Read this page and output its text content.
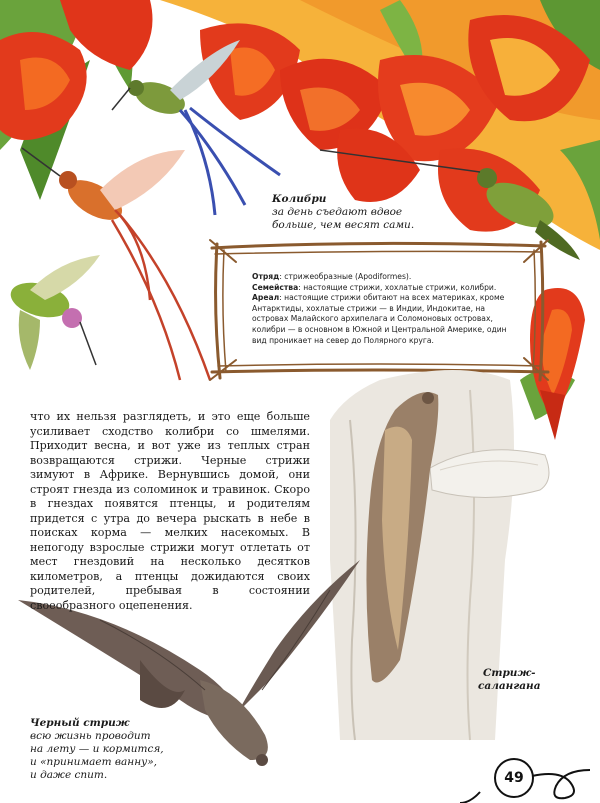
Колибри
за день съедают вдвое
больше, чем весят сами.

Отряд: стрижеобразные (Apodiformes).

Семейства: настоящие стрижи, хохлатые стрижи, колибри.

Ареал: настоящие стрижи обитают на всех материках, кроме Антарктиды, хохлатые стрижи — в Индии, Индокитае, на островах Малайского архипелага и Соломоновых островах, колибри — в основном в Южной и Центральной Америке, один вид проникает на север до Полярного круга.

что их нельзя разглядеть, и это еще больше усиливает сходство колибри со шмелями. Приходит весна, и вот уже из теплых стран возвращаются стрижи. Черные стрижи зимуют в Африке. Вернувшись домой, они строят гнезда из соломинок и травинок. Скоро в гнездах появятся птенцы, и родителям придется с утра до вечера рыскать в небе в поисках корма — мелких насекомых. В непогоду взрослые стрижи могут отлетать от мест гнездовий на несколько десятков километров, а птенцы дожидаются своих родителей, пребывая в состоянии своеобразного оцепенения.

Стриж-
салангана
Черный стриж
всю жизнь проводит
на лету — и кормится,
и «принимает ванну»,
и даже спит.	49
